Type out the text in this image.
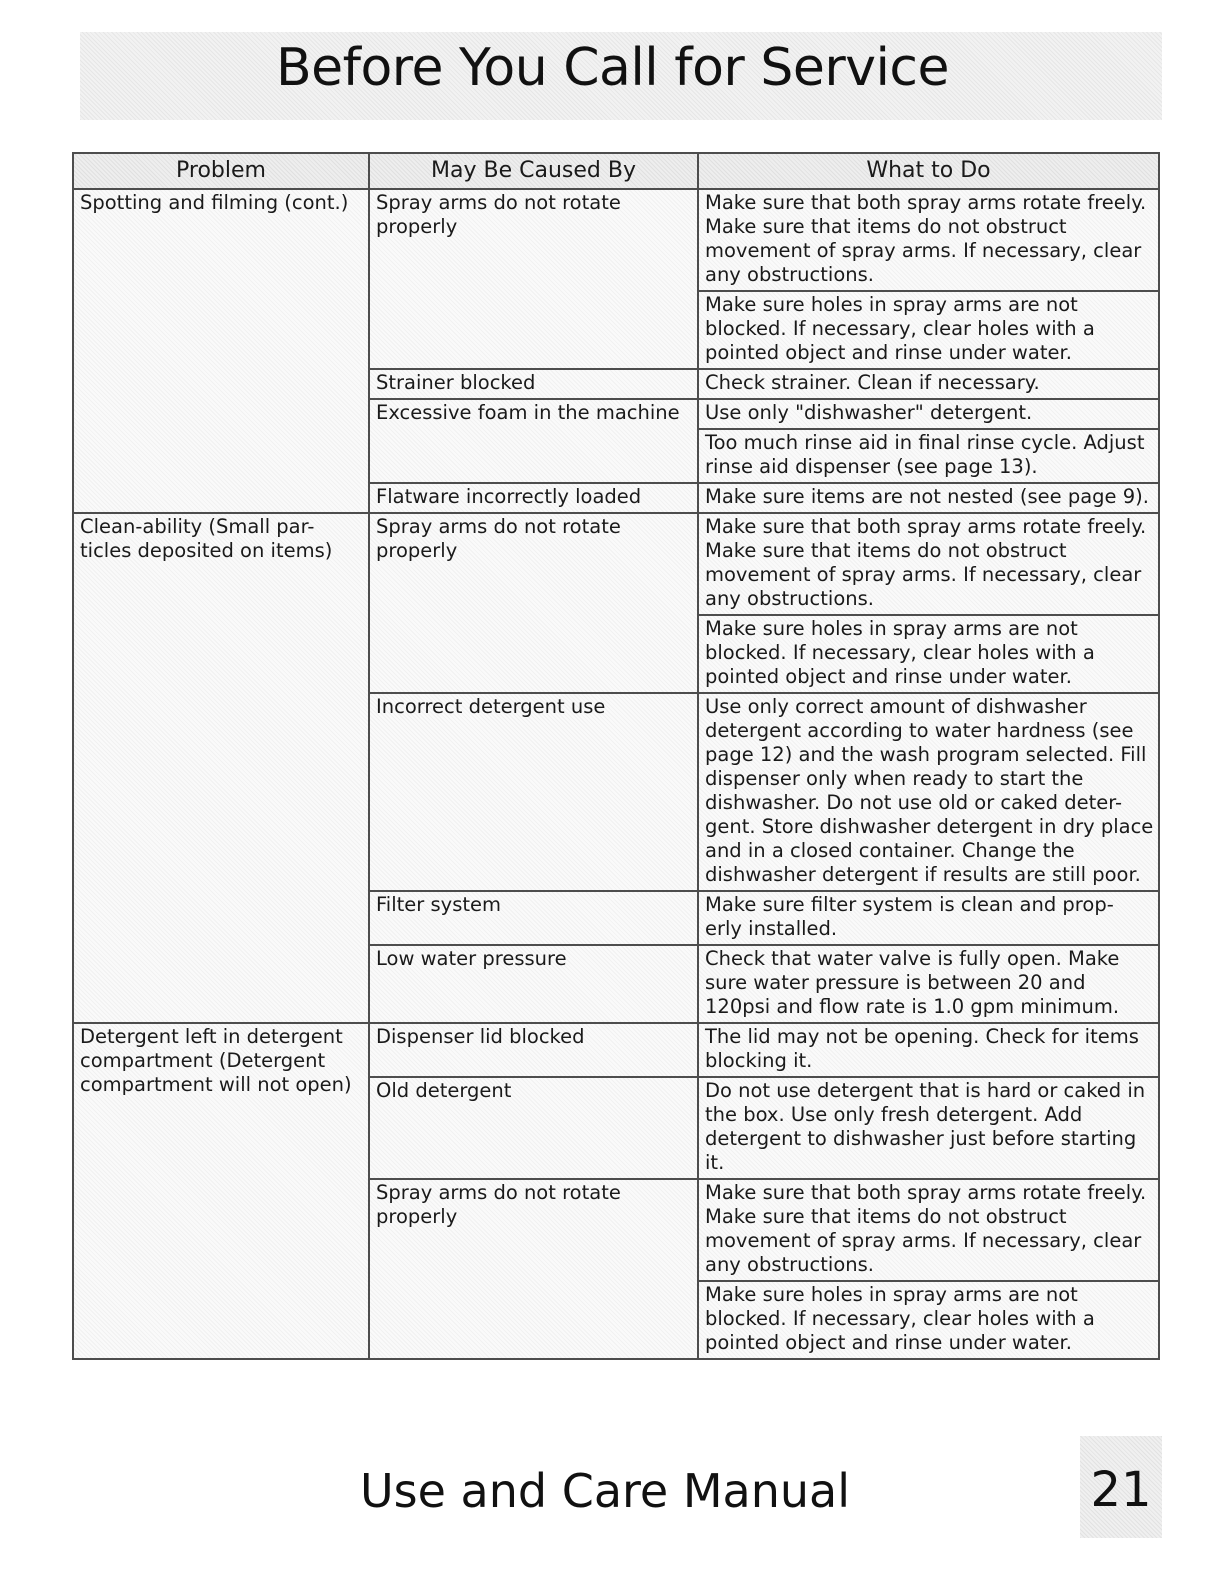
Before You Call for Service
Problem	May Be Caused By	What to Do
Spotting and filming (cont.)	Spray arms do not rotate properly	Make sure that both spray arms rotate freely. Make sure that items do not obstruct movement of spray arms. If necessary, clear any obstructions.
		Make sure holes in spray arms are not blocked. If necessary, clear holes with a pointed object and rinse under water.
	Strainer blocked	Check strainer. Clean if necessary.
	Excessive foam in the machine	Use only "dishwasher" detergent.
		Too much rinse aid in final rinse cycle. Adjust rinse aid dispenser (see page 13).
	Flatware incorrectly loaded	Make sure items are not nested (see page 9).
Clean-ability (Small par- ticles deposited on items)	Spray arms do not rotate properly	Make sure that both spray arms rotate freely. Make sure that items do not obstruct movement of spray arms. If necessary, clear any obstructions.
		Make sure holes in spray arms are not blocked. If necessary, clear holes with a pointed object and rinse under water.
	Incorrect detergent use	Use only correct amount of dishwasher detergent according to water hardness (see page 12) and the wash program selected. Fill dispenser only when ready to start the dishwasher. Do not use old or caked deter- gent. Store dishwasher detergent in dry place and in a closed container. Change the dishwasher detergent if results are still poor.
	Filter system	Make sure filter system is clean and prop- erly installed.
	Low water pressure	Check that water valve is fully open. Make sure water pressure is between 20 and 120psi and flow rate is 1.0 gpm minimum.
Detergent left in detergent compartment (Detergent compartment will not open)	Dispenser lid blocked	The lid may not be opening. Check for items blocking it.
	Old detergent	Do not use detergent that is hard or caked in the box. Use only fresh detergent. Add detergent to dishwasher just before starting it.
	Spray arms do not rotate properly	Make sure that both spray arms rotate freely. Make sure that items do not obstruct movement of spray arms. If necessary, clear any obstructions.
		Make sure holes in spray arms are not blocked. If necessary, clear holes with a pointed object and rinse under water.
Use and Care Manual	21
